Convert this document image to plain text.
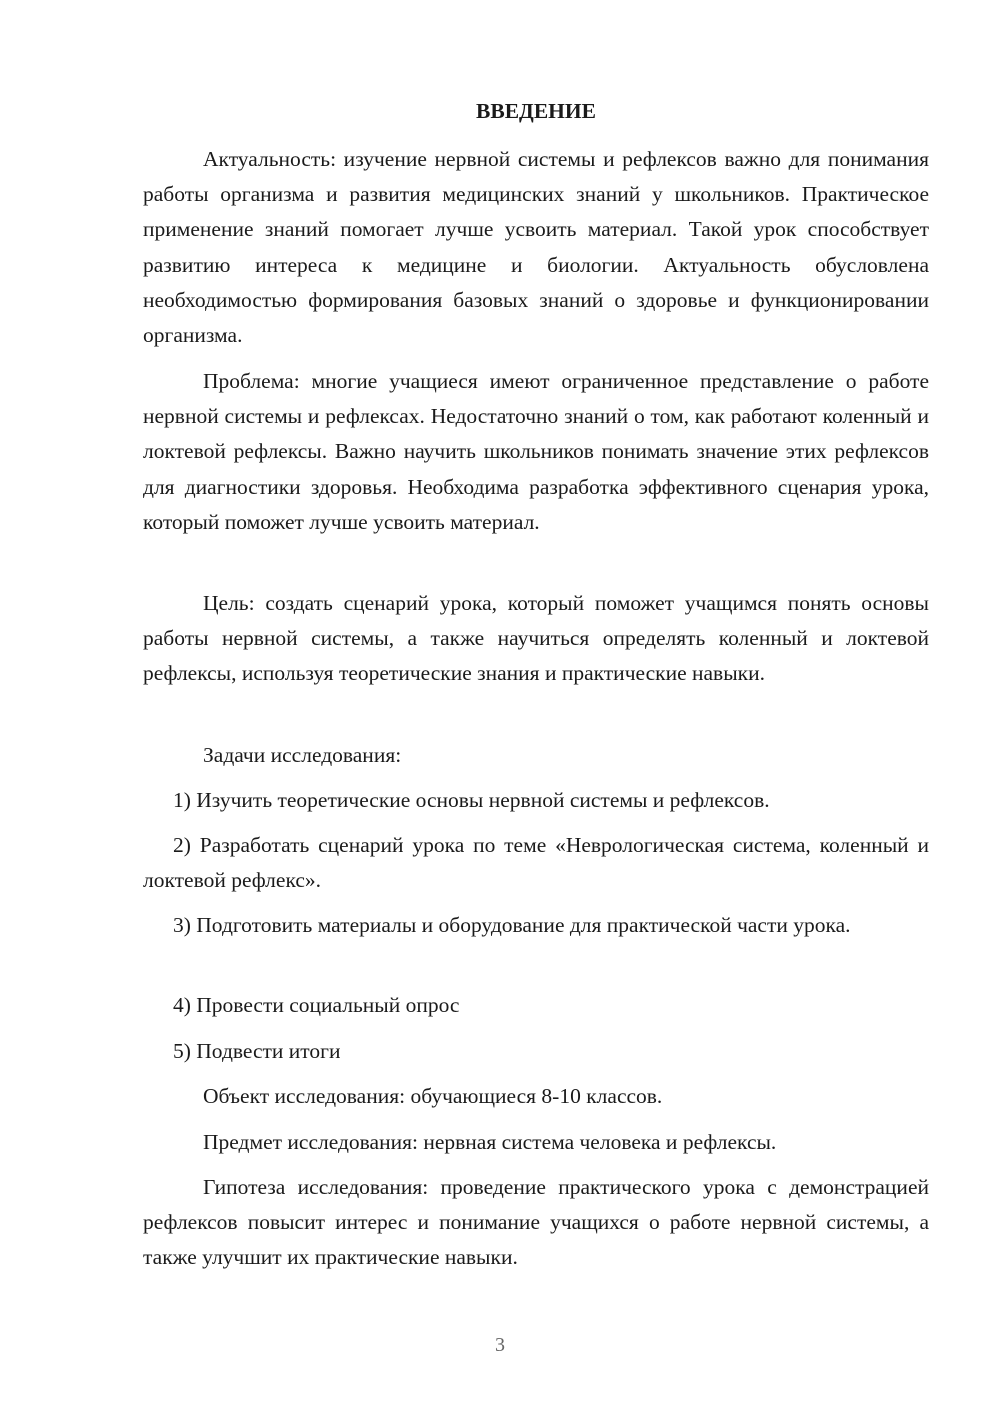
ВВЕДЕНИЕ

Актуальность: изучение нервной системы и рефлексов важно для понимания работы организма и развития медицинских знаний у школьников. Практическое применение знаний помогает лучше усвоить материал. Такой урок способствует развитию интереса к медицине и биологии. Актуальность обусловлена необходимостью формирования базовых знаний о здоровье и функционировании организма.

Проблема: многие учащиеся имеют ограниченное представление о работе нервной системы и рефлексах. Недостаточно знаний о том, как работают коленный и локтевой рефлексы. Важно научить школьников понимать значение этих рефлексов для диагностики здоровья. Необходима разработка эффективного сценария урока, который поможет лучше усвоить материал.

Цель: создать сценарий урока, который поможет учащимся понять основы работы нервной системы, а также научиться определять коленный и локтевой рефлексы, используя теоретические знания и практические навыки.

Задачи исследования:

1) Изучить теоретические основы нервной системы и рефлексов.

2) Разработать сценарий урока по теме «Неврологическая система, коленный и локтевой рефлекс».

3) Подготовить материалы и оборудование для практической части урока.

4) Провести социальный опрос

5) Подвести итоги

Объект исследования: обучающиеся 8-10 классов.

Предмет исследования: нервная система человека и рефлексы.

Гипотеза исследования: проведение практического урока с демонстрацией рефлексов повысит интерес и понимание учащихся о работе нервной системы, а также улучшит их практические навыки.

3
